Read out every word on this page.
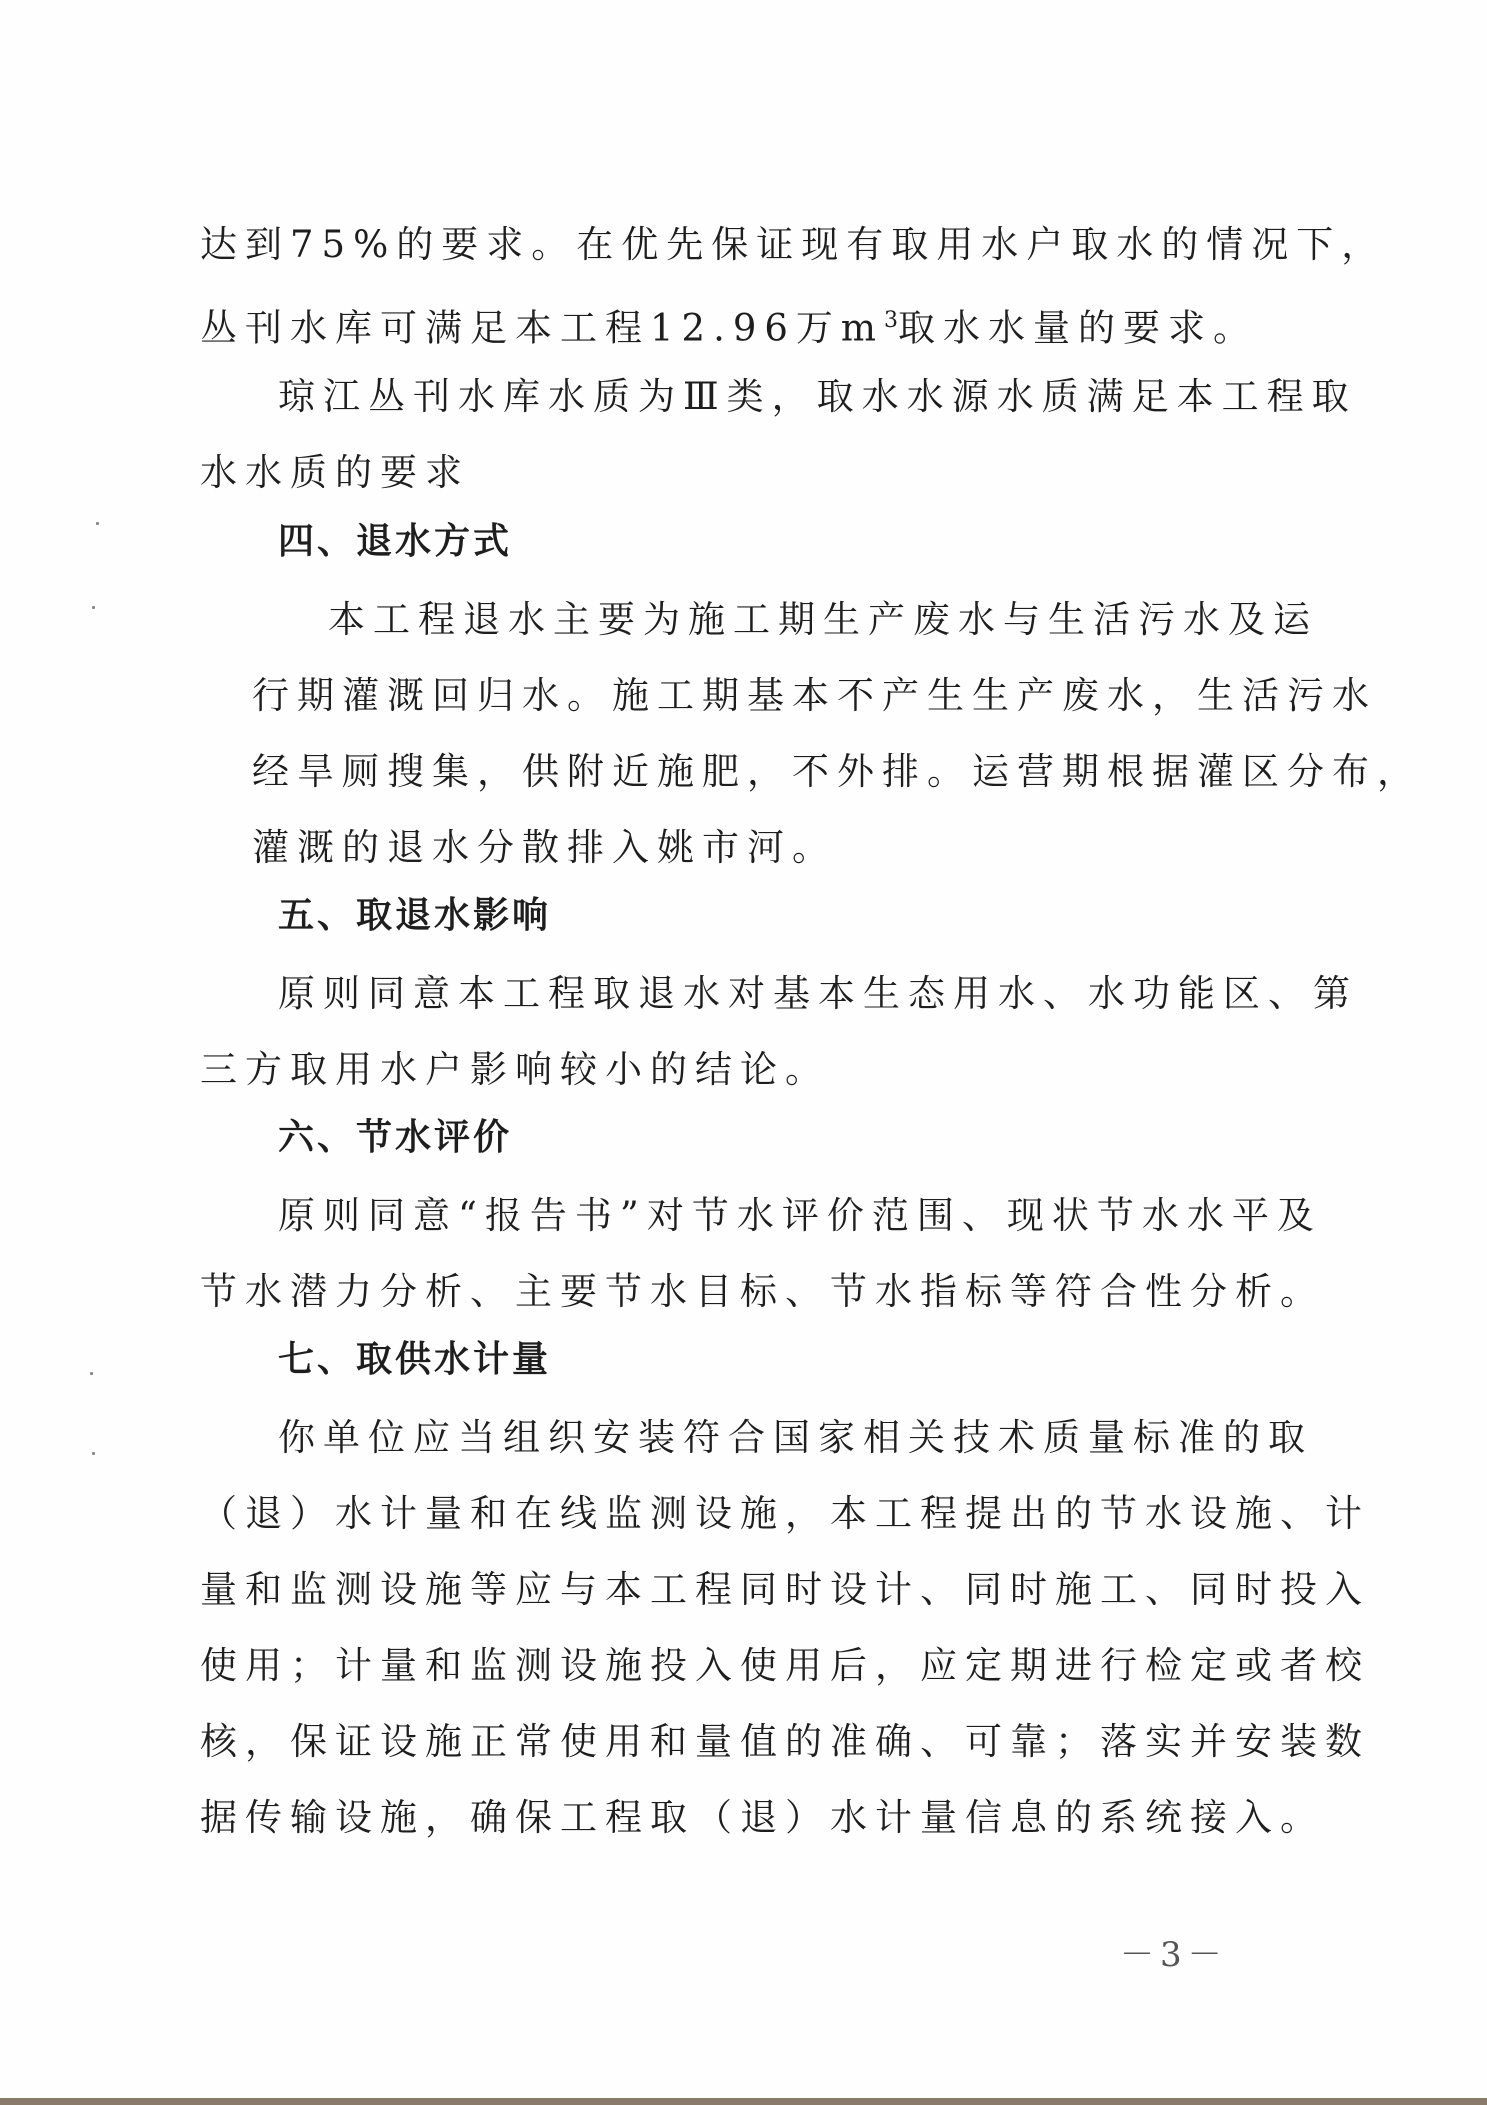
达到75%的要求。在优先保证现有取用水户取水的情况下，
丛刊水库可满足本工程12.96万$m^3$取水水量的要求。
琼江丛刊水库水质为Ⅲ类，取水水源水质满足本工程取
水水质的要求
四、退水方式
本工程退水主要为施工期生产废水与生活污水及运
行期灌溉回归水。施工期基本不产生生产废水，生活污水
经旱厕搜集，供附近施肥，不外排。运营期根据灌区分布，
灌溉的退水分散排入姚市河。
五、取退水影响
原则同意本工程取退水对基本生态用水、水功能区、第
三方取用水户影响较小的结论。
六、节水评价
原则同意“报告书”对节水评价范围、现状节水水平及
节水潜力分析、主要节水目标、节水指标等符合性分析。
七、取供水计量
你单位应当组织安装符合国家相关技术质量标准的取
（退）水计量和在线监测设施，本工程提出的节水设施、计
量和监测设施等应与本工程同时设计、同时施工、同时投入
使用；计量和监测设施投入使用后，应定期进行检定或者校
核，保证设施正常使用和量值的准确、可靠；落实并安装数
据传输设施，确保工程取（退）水计量信息的系统接入。
－3－
